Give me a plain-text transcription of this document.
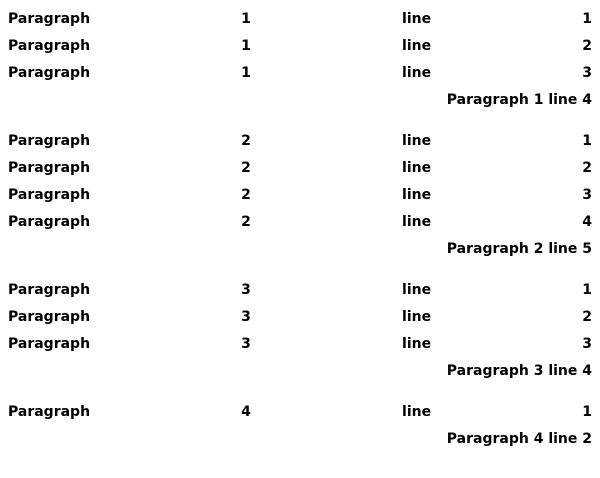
Paragraph 1 line 1
Paragraph 1 line 2
Paragraph 1 line 3
Paragraph 1 line 4
Paragraph 2 line 1
Paragraph 2 line 2
Paragraph 2 line 3
Paragraph 2 line 4
Paragraph 2 line 5
Paragraph 3 line 1
Paragraph 3 line 2
Paragraph 3 line 3
Paragraph 3 line 4
Paragraph 4 line 1
Paragraph 4 line 2
